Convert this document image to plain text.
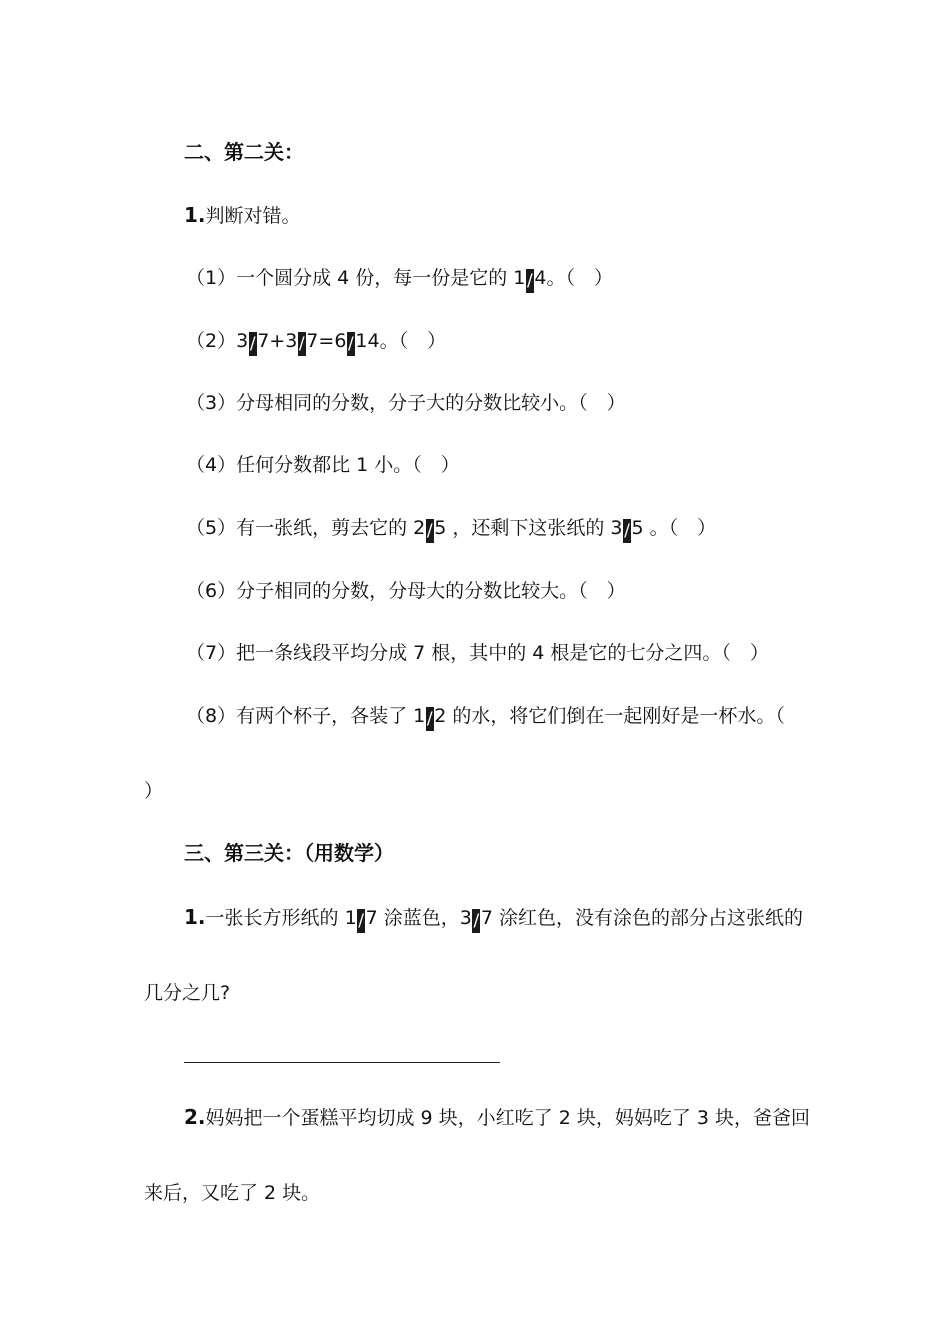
二、第二关：
1.判断对错。
（1）一个圆分成 4 份，每一份是它的 1/4。（　）
（2）3/7+3/7=6/14。（　）
（3）分母相同的分数，分子大的分数比较小。（　）
（4）任何分数都比 1 小。（　）
（5）有一张纸，剪去它的 2/5 ，还剩下这张纸的 3/5 。（　）
（6）分子相同的分数，分母大的分数比较大。（　）
（7）把一条线段平均分成 7 根，其中的 4 根是它的七分之四。（　）
（8）有两个杯子，各装了 1/2 的水，将它们倒在一起刚好是一杯水。（
）
三、第三关：（用数学）
1.一张长方形纸的 1/7 涂蓝色，3/7 涂红色，没有涂色的部分占这张纸的
几分之几?
2.妈妈把一个蛋糕平均切成 9 块，小红吃了 2 块，妈妈吃了 3 块，爸爸回
来后，又吃了 2 块。
